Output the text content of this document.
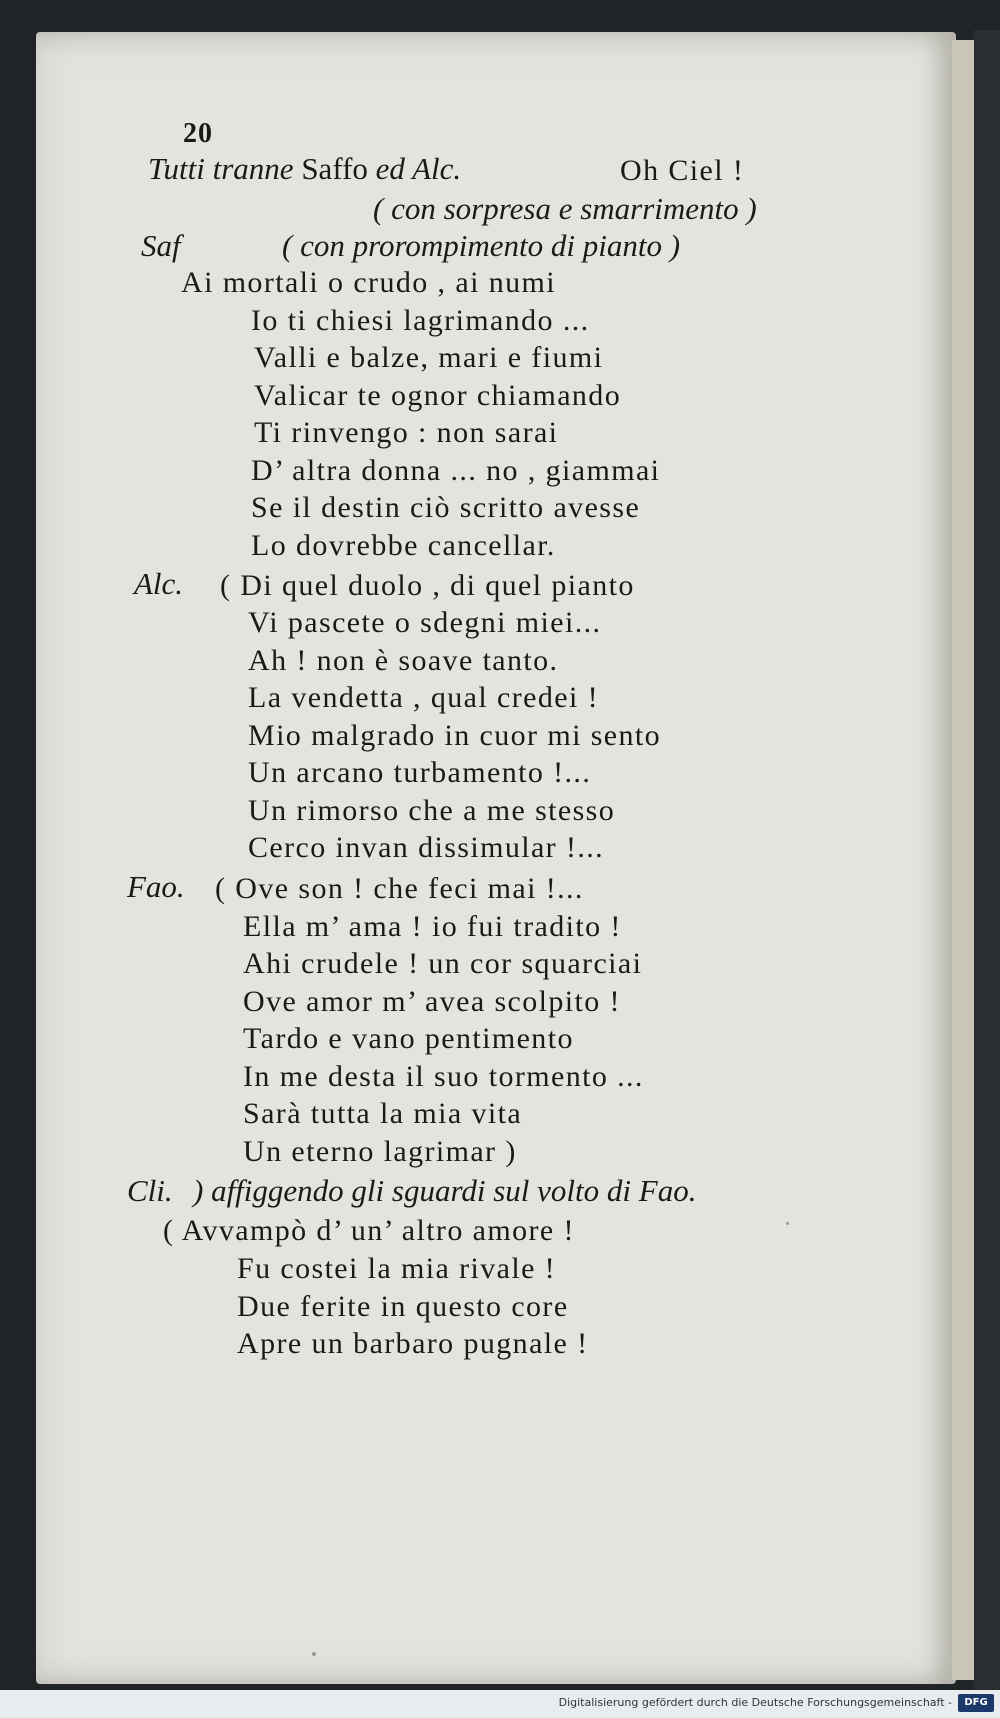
20
Tutti tranne Saffo ed Alc.	Oh Ciel !
( con sorpresa e smarrimento )
Saf	( con prorompimento di pianto )
Ai mortali o crudo , ai numi
Io ti chiesi lagrimando ...
Valli e balze, mari e fiumi
Valicar te ognor chiamando
Ti rinvengo : non sarai
D’ altra donna ... no , giammai
Se il destin ciò scritto avesse
Lo dovrebbe cancellar.
Alc. ( Di quel duolo , di quel pianto
Vi pascete o sdegni miei...
Ah ! non è soave tanto.
La vendetta , qual credei !
Mio malgrado in cuor mi sento
Un arcano turbamento !...
Un rimorso che a me stesso
Cerco invan dissimular !...
Fao. ( Ove son ! che feci mai !...
Ella m’ ama ! io fui tradito !
Ahi crudele ! un cor squarciai
Ove amor m’ avea scolpito !
Tardo e vano pentimento
In me desta il suo tormento ...
Sarà tutta la mia vita
Un eterno lagrimar )
Cli. ) affiggendo gli sguardi sul volto di Fao.
( Avvampò d’ un’ altro amore !
Fu costei la mia rivale !
Due ferite in questo core
Apre un barbaro pugnale !
Digitalisierung gefördert durch die Deutsche Forschungsgemeinschaft -	DFG
